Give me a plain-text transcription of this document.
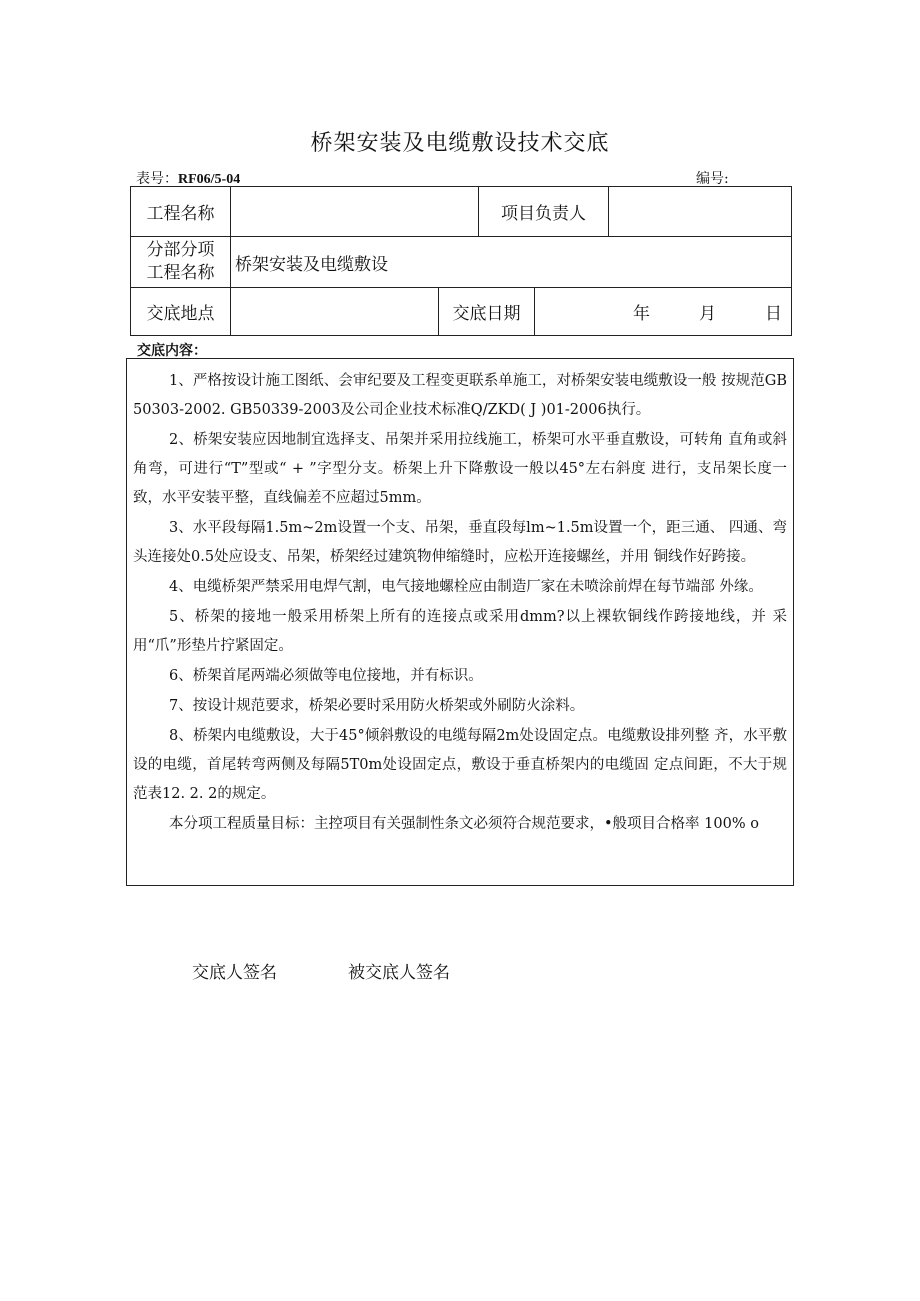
桥架安装及电缆敷设技术交底
表号：RF06/5-04	编号:
工程名称	项目负责人
分部分项
工程名称	桥架安装及电缆敷设
交底地点	交底日期	年	月	日
交底内容：

1、严格按设计施工图纸、会审纪要及工程变更联系单施工，对桥架安装电缆敷设一般 按规范GB50303-2002. GB50339-2003及公司企业技术标准Q/ZKD( J )01-2006执行。

2、桥架安装应因地制宜选择支、吊架并采用拉线施工，桥架可水平垂直敷设，可转角 直角或斜角弯，可进行“T”型或“ + ”字型分支。桥架上升下降敷设一般以45°左右斜度 进行，支吊架长度一致，水平安装平整，直线偏差不应超过5mm。

3、水平段每隔1.5m~2m设置一个支、吊架，垂直段每lm~1.5m设置一个，距三通、 四通、弯头连接处0.5处应设支、吊架，桥架经过建筑物伸缩缝时，应松开连接螺丝，并用 铜线作好跨接。

4、电缆桥架严禁采用电焊气割，电气接地螺栓应由制造厂家在未喷涂前焊在每节端部 外缘。

5、桥架的接地一般采用桥架上所有的连接点或采用dmm?以上裸软铜线作跨接地线，并 采用“爪”形垫片拧紧固定。

6、桥架首尾两端必须做等电位接地，并有标识。

7、按设计规范要求，桥架必要时采用防火桥架或外刷防火涂料。

8、桥架内电缆敷设，大于45°倾斜敷设的电缆每隔2m处设固定点。电缆敷设排列整 齐，水平敷设的电缆，首尾转弯两侧及每隔5T0m处设固定点，敷设于垂直桥架内的电缆固 定点间距，不大于规范表12. 2. 2的规定。

本分项工程质量目标：主控项目有关强制性条文必须符合规范要求，•般项目合格率 100% o

交底人签名	被交底人签名
